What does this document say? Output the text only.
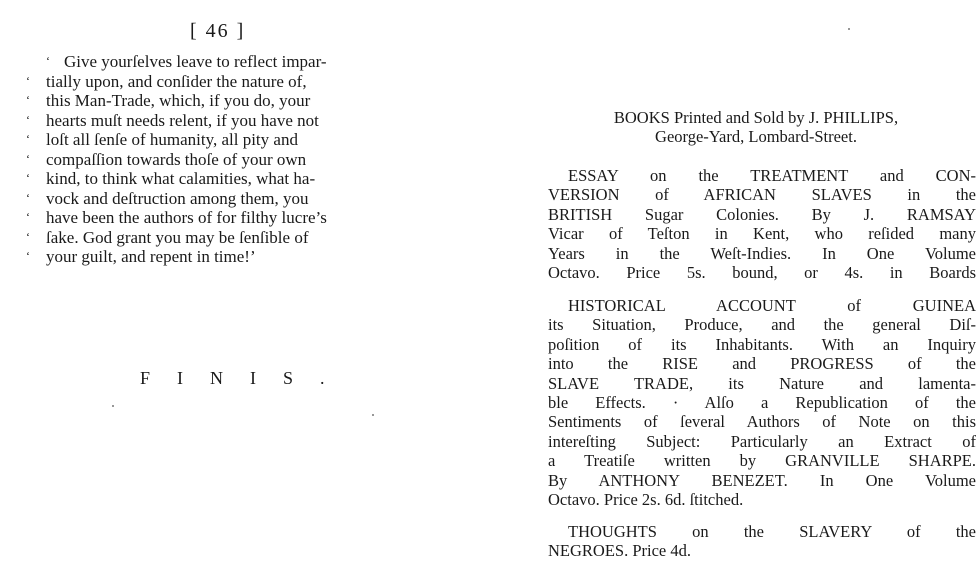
[ 46 ]
‘ Give yourſelves leave to reflect impar-
‘ tially upon, and conſider the nature of,
‘ this Man-Trade, which, if you do, your
‘ hearts muſt needs relent, if you have not
‘ loſt all ſenſe of humanity, all pity and
‘ compaſſion towards thoſe of your own
‘ kind, to think what calamities, what ha-
‘ vock and deſtruction among them, you
‘ have been the authors of for filthy lucre’s
‘ ſake. God grant you may be ſenſible of
‘ your guilt, and repent in time!’
FINIS.
BOOKS Printed and Sold by J. PHILLIPS,
George-Yard, Lombard-Street.
ESSAY on the TREATMENT and CON-
VERSION of AFRICAN SLAVES in the
BRITISH Sugar Colonies. By J. RAMSAY
Vicar of Teſton in Kent, who reſided many
Years in the Weſt-Indies. In One Volume
Octavo. Price 5s. bound, or 4s. in Boards
HISTORICAL ACCOUNT of GUINEA
its Situation, Produce, and the general Diſ-
poſition of its Inhabitants. With an Inquiry
into the RISE and PROGRESS of the
SLAVE TRADE, its Nature and lamenta-
ble Effects. · Alſo a Republication of the
Sentiments of ſeveral Authors of Note on this
intereſting Subject: Particularly an Extract of
a Treatiſe written by GRANVILLE SHARPE.
By ANTHONY BENEZET. In One Volume
Octavo. Price 2s. 6d. ſtitched.
THOUGHTS on the SLAVERY of the
NEGROES. Price 4d.
